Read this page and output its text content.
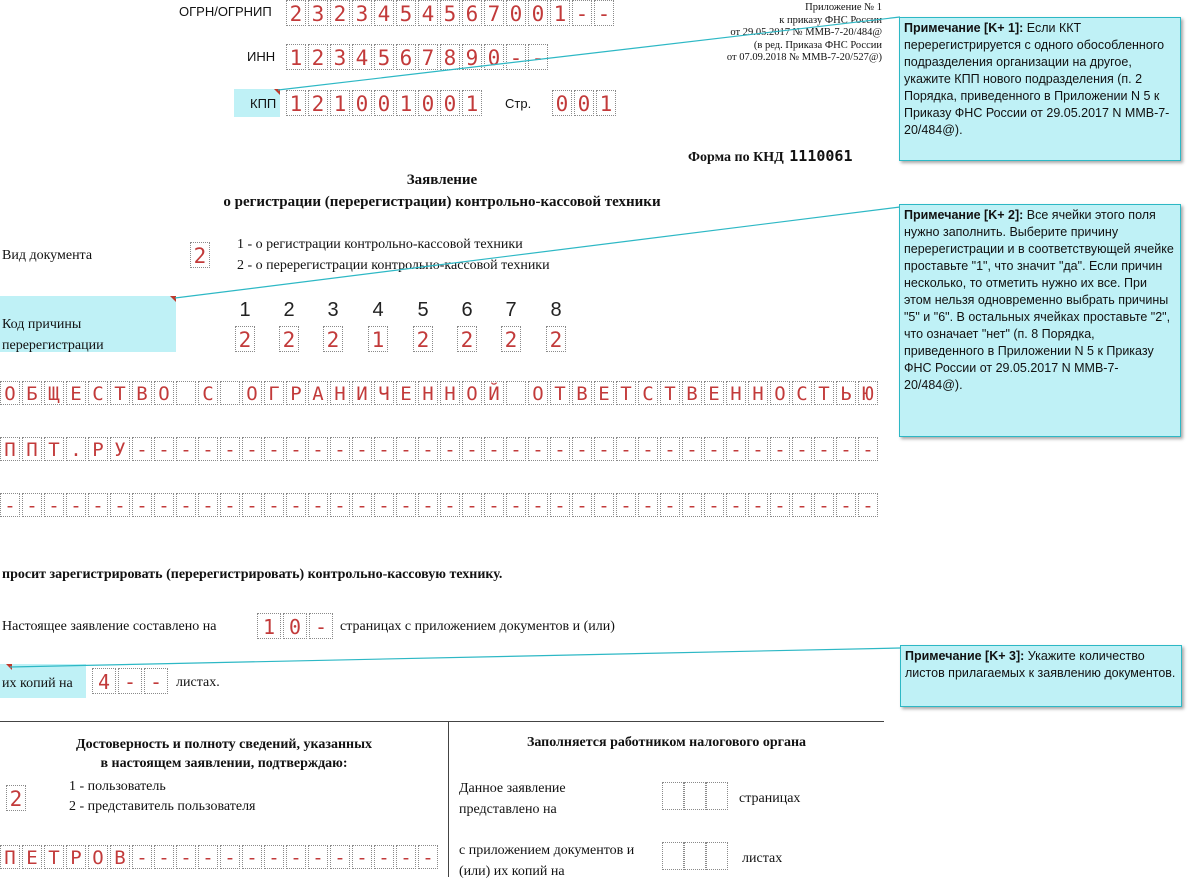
ОГРН/ОГРНИП 2 3 2 3 4 5 4 5 6 7 0 0 1 - -
ИНН 1 2 3 4 5 6 7 8 9 0 - -
КПП 1 2 1 0 0 1 0 0 1 Стр. 0 0 1
Приложение № 1
к приказу ФНС России
от 29.05.2017 № ММВ-7-20/484@
(в ред. Приказа ФНС России
от 07.09.2018 № ММВ-7-20/527@)
Форма по КНД 1110061
Заявление
о регистрации (перерегистрации) контрольно-кассовой техники
Вид документа	2 1 - о регистрации контрольно-кассовой техники
2 - о перерегистрации контрольно-кассовой техники
Код причины
перерегистрации
1 2 3 4 5 6 7 8
2 2 2 1 2 2 2 2
О Б Щ Е С Т В О С О Г Р А Н И Ч Е Н Н О Й О Т В Е Т С Т В Е Н Н О С Т Ь Ю
П П Т . Р У - - - - - - - - - - - - - - - - - - - - - - - - - - - - - - - - - -
- - - - - - - - - - - - - - - - - - - - - - - - - - - - - - - - - - - - - - - -
просит зарегистрировать (перерегистрировать) контрольно-кассовую технику.
Настоящее заявление составлено на 1 0 - страницах с приложением документов и (или)
их копий на 4 - - листах.
Достоверность и полноту сведений, указанных
в настоящем заявлении, подтверждаю:
2
1 - пользователь
2 - представитель пользователя
П Е Т Р О В - - - - - - - - - - - - - -
Заполняется работником налогового органа
Данное заявление
представлено на
страницах
с приложением документов и
(или) их копий на
листах
Примечание [K+ 1]: Если ККТ перерегистрируется с одного обособленного подразделения организации на другое, укажите КПП нового подразделения (п. 2 Порядка, приведенного в Приложении N 5 к Приказу ФНС России от 29.05.2017 N ММВ-7-20/484@).
Примечание [K+ 2]: Все ячейки этого поля нужно заполнить. Выберите причину перерегистрации и в соответствующей ячейке проставьте "1", что значит "да". Если причин несколько, то отметить нужно их все. При этом нельзя одновременно выбрать причины "5" и "6". В остальных ячейках проставьте "2", что означает "нет" (п. 8 Порядка, приведенного в Приложении N 5 к Приказу ФНС России от 29.05.2017 N ММВ-7-20/484@).
Примечание [K+ 3]: Укажите количество листов прилагаемых к заявлению документов.
